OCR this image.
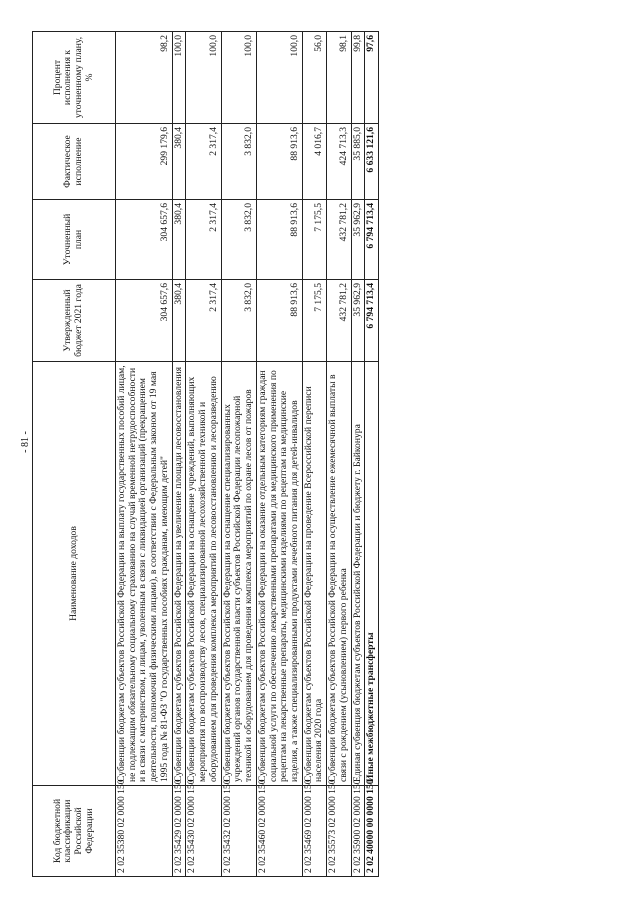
- 81 -
Код бюджетной классификации Российской Федерации	Наименование доходов	Утвержденный бюджет 2021 года	Уточненный план	Фактическое исполнение	Процент исполнения к уточненному плану, %
2 02 35380 02 0000 150	Субвенции бюджетам субъектов Российской Федерации на выплату государственных пособий лицам, не подлежащим обязательному социальному страхованию на случай временной нетрудоспособности и в связи с материнством, и лицам, уволенным в связи с ликвидацией организаций (прекращением деятельности, полномочий физическими лицами), в соответствии с Федеральным законом от 19 мая 1995 года № 81-ФЗ "О государственных пособиях гражданам, имеющим детей"	304 657,6	304 657,6	299 179,6	98,2
2 02 35429 02 0000 150	Субвенции бюджетам субъектов Российской Федерации на увеличение площади лесовосстановления	380,4	380,4	380,4	100,0
2 02 35430 02 0000 150	Субвенции бюджетам субъектов Российской Федерации на оснащение учреждений, выполняющих мероприятия по воспроизводству лесов, специализированной лесохозяйственной техникой и оборудованием для проведения комплекса мероприятий по лесовосстановлению и лесоразведению	2 317,4	2 317,4	2 317,4	100,0
2 02 35432 02 0000 150	Субвенции бюджетам субъектов Российской Федерации на оснащение специализированных учреждений органов государственной власти субъектов Российской Федерации лесопожарной техникой и оборудованием для проведения комплекса мероприятий по охране лесов от пожаров	3 832,0	3 832,0	3 832,0	100,0
2 02 35460 02 0000 150	Субвенции бюджетам субъектов Российской Федерации на оказание отдельным категориям граждан социальной услуги по обеспечению лекарственными препаратами для медицинского применения по рецептам на лекарственные препараты, медицинскими изделиями по рецептам на медицинские изделия, а также специализированными продуктами лечебного питания для детей-инвалидов	88 913,6	88 913,6	88 913,6	100,0
2 02 35469 02 0000 150	Субвенции бюджетам субъектов Российской Федерации на проведение Всероссийской переписи населения 2020 года	7 175,5	7 175,5	4 016,7	56,0
2 02 35573 02 0000 150	Субвенции бюджетам субъектов Российской Федерации на осуществление ежемесячной выплаты в связи с рождением (усыновлением) первого ребенка	432 781,2	432 781,2	424 713,3	98,1
2 02 35900 02 0000 150	Единая субвенция бюджетам субъектов Российской Федерации и бюджету г. Байконура	35 962,9	35 962,9	35 885,0	99,8
2 02 40000 00 0000 150	Иные межбюджетные трансферты	6 794 713,4	6 794 713,4	6 633 121,6	97,6
